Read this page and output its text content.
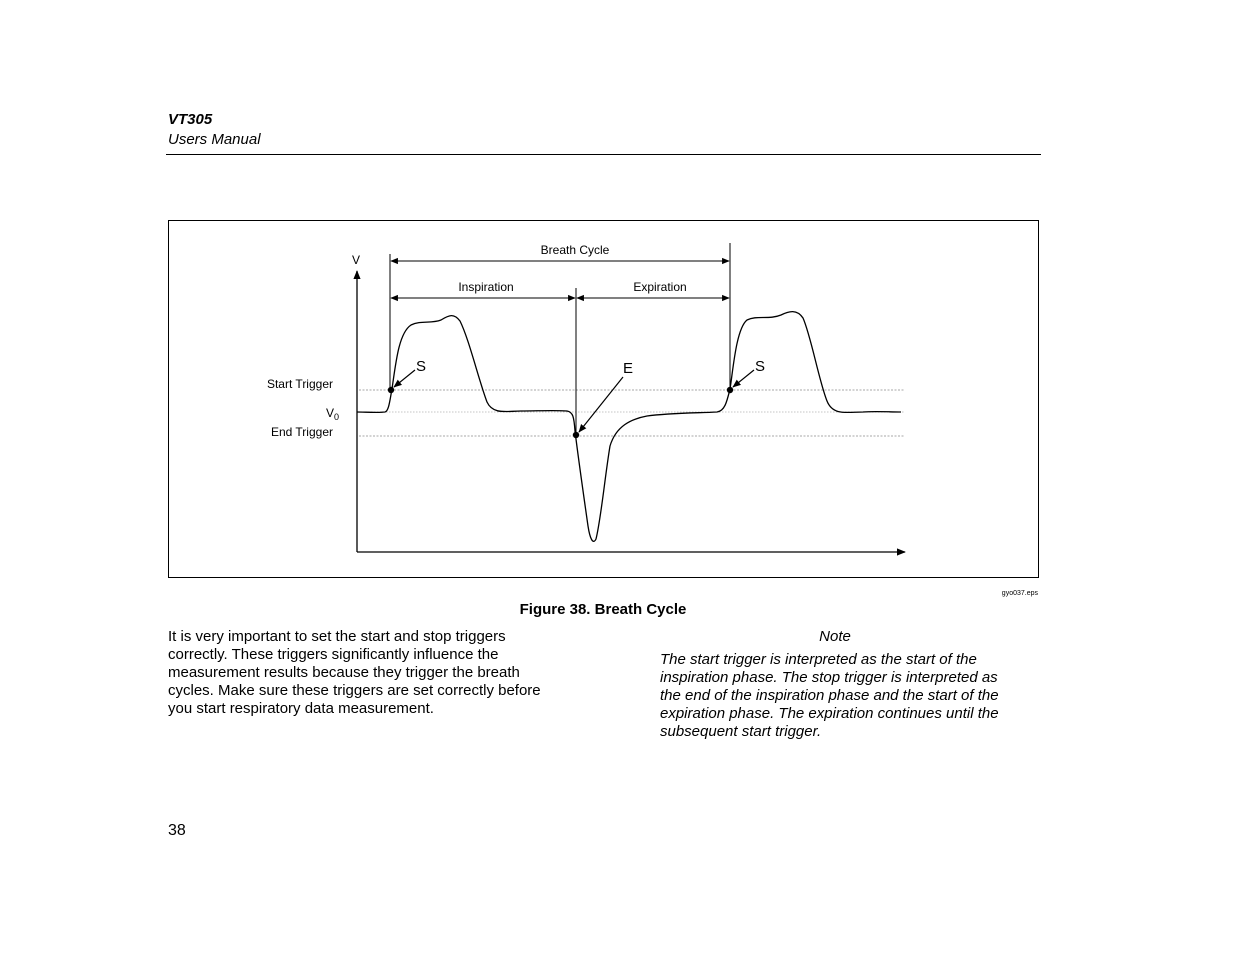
VT305
Users Manual
V
Start Trigger
$V_0$
End Trigger
Breath Cycle
Inspiration	Expiration
S	E	S
gyo037.eps
Figure 38. Breath Cycle
It is very important to set the start and stop triggers correctly. These triggers significantly influence the measurement results because they trigger the breath cycles. Make sure these triggers are set correctly before you start respiratory data measurement.
Note
The start trigger is interpreted as the start of the inspiration phase. The stop trigger is interpreted as the end of the inspiration phase and the start of the expiration phase. The expiration continues until the subsequent start trigger.
38
